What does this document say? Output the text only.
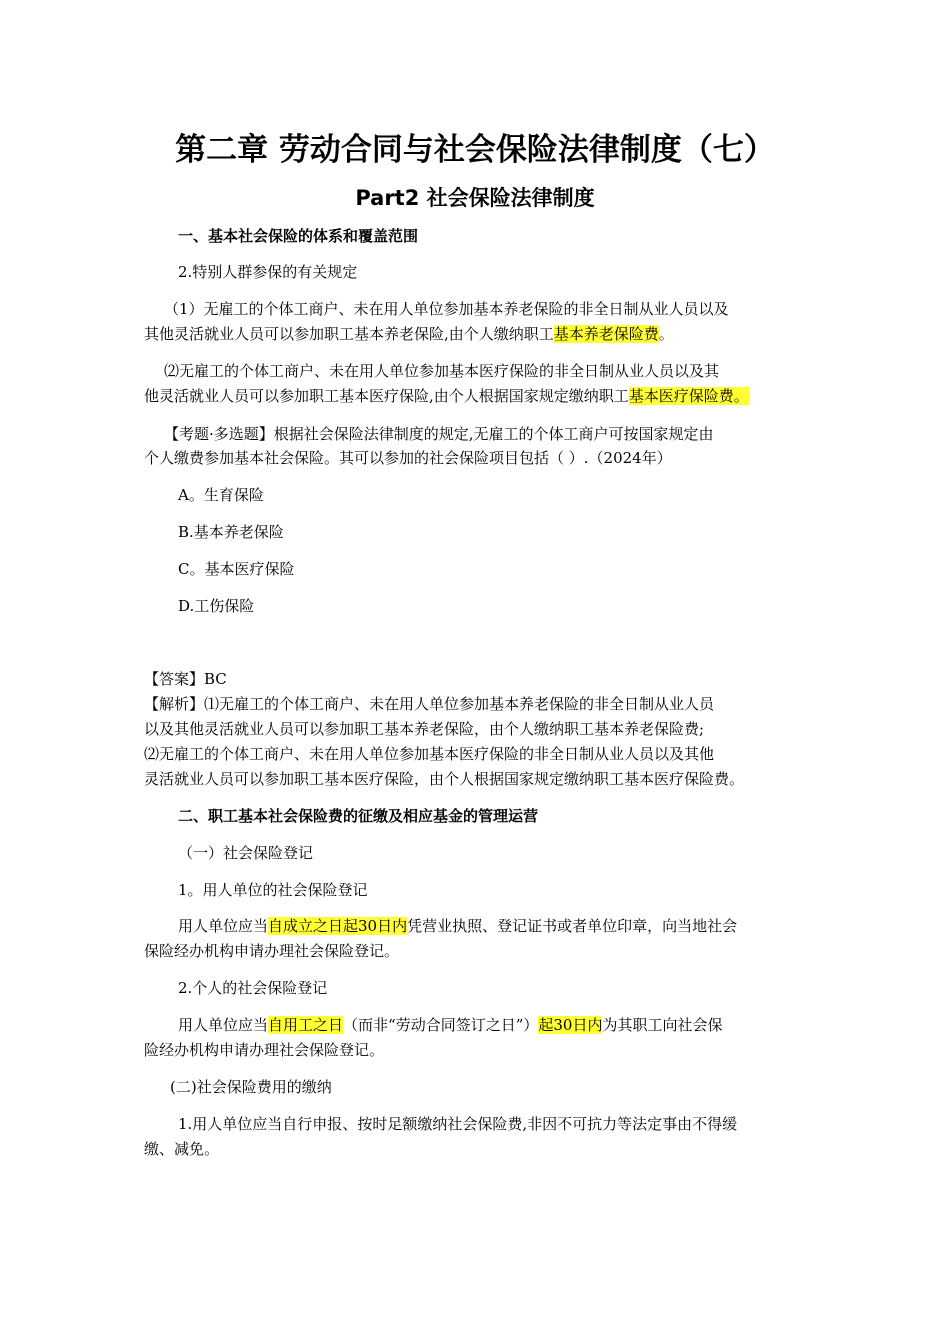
第二章 劳动合同与社会保险法律制度（七）
Part2 社会保险法律制度
一、基本社会保险的体系和覆盖范围
2.特别人群参保的有关规定
（1）无雇工的个体工商户、未在用人单位参加基本养老保险的非全日制从业人员以及
其他灵活就业人员可以参加职工基本养老保险,由个人缴纳职工基本养老保险费。
⑵无雇工的个体工商户、未在用人单位参加基本医疗保险的非全日制从业人员以及其
他灵活就业人员可以参加职工基本医疗保险,由个人根据国家规定缴纳职工基本医疗保险费。
【考题·多选题】根据社会保险法律制度的规定,无雇工的个体工商户可按国家规定由
个人缴费参加基本社会保险。其可以参加的社会保险项目包括（ ）.（2024年）
A。生育保险
B.基本养老保险
C。基本医疗保险
D.工伤保险
【答案】BC
【解析】⑴无雇工的个体工商户、未在用人单位参加基本养老保险的非全日制从业人员
以及其他灵活就业人员可以参加职工基本养老保险，由个人缴纳职工基本养老保险费;
⑵无雇工的个体工商户、未在用人单位参加基本医疗保险的非全日制从业人员以及其他
灵活就业人员可以参加职工基本医疗保险，由个人根据国家规定缴纳职工基本医疗保险费。
二、职工基本社会保险费的征缴及相应基金的管理运营
（一）社会保险登记
1。用人单位的社会保险登记
用人单位应当自成立之日起30日内凭营业执照、登记证书或者单位印章，向当地社会
保险经办机构申请办理社会保险登记。
2.个人的社会保险登记
用人单位应当自用工之日（而非“劳动合同签订之日”）起30日内为其职工向社会保
险经办机构申请办理社会保险登记。
(二)社会保险费用的缴纳
1.用人单位应当自行申报、按时足额缴纳社会保险费,非因不可抗力等法定事由不得缓
缴、减免。
